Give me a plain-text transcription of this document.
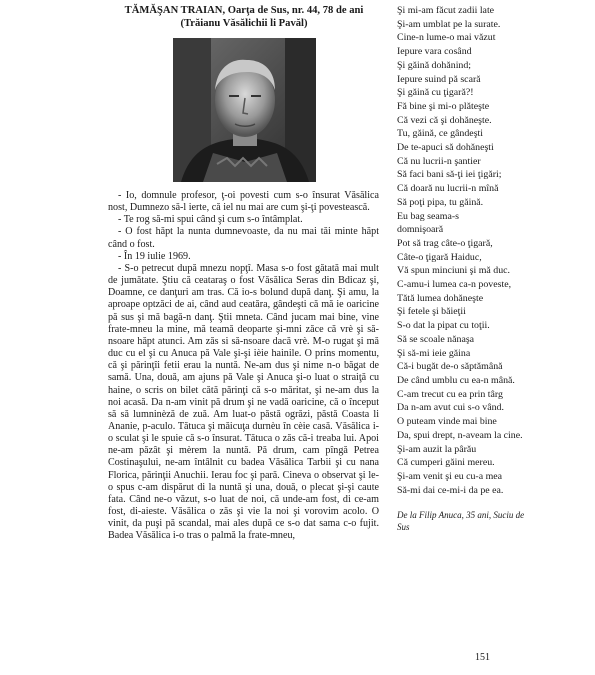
TĂMĂŞAN TRAIAN, Oarţa de Sus, nr. 44, 78 de ani
(Trăianu Văsălichii li Pavăl)

- Io, domnule profesor, ţ-oi povesti cum s-o însurat Văsălica nost, Dumnezo să-l ierte, că iel nu mai are cum şi-ţi povestească.

- Te rog să-mi spui când şi cum s-o întâmplat.

- O fost hăpt la nunta dumnevoaste, da nu mai tăi minte hăpt când o fost.

- În 19 iulie 1969.

- S-o petrecut după mnezu nopţî. Masa s-o fost gătată mai mult de jumătate. Ştiu că ceataraş o fost Văsălica Seras din Bdicaz şi, Doamne, ce danţuri am tras. Că io-s bolund după danţ. Şi amu, la aproape optzăci de ai, când aud ceatăra, gândeşti că mă ie oaricine pă sus şi mă bagă-n danţ. Ştii mneta. Când jucam mai bine, vine frate-mneu la mine, mă teamă deoparte şi-mni zăce că vrè şi să-nsoare hăpt atunci. Am zăs si să-nsoare dacă vrè. M-o rugat şi mă duc cu el şi cu Anuca pă Vale şi-şi ièie hainile. O prins momentu, că şi părinţîi fetii erau la nuntă. Ne-am dus şi nime n-o băgat de samă. Una, două, am ajuns pă Vale şi Anuca şi-o luat o straiţă cu haine, o scris on bilet cătă părinţi că s-o măritat, şi ne-am dus la noi acasă. Da n-am vinit pă drum şi ne vadă oaricine, că o început să să lumninèză de zuă. Am luat-o păstă ogrăzi, păstă Coasta li Ananie, p-aculo. Tătuca şi măicuţa durnèu în cèie casă. Văsălica i-o sculat şi le spuie că s-o însurat. Tătuca o zăs că-i treaba lui. Apoi ne-am păzât şi mèrem la nuntă. Pă drum, cam pîngă Petrea Costinaşului, ne-am întâlnit cu badea Văsălica Tarbii şi cu nana Florica, părinţii Anuchii. Ierau foc şi pară. Cineva o observat şi le-o spus c-am dispărut di la nuntă şi una, două, o plecat şi-şi caute fata. Când ne-o văzut, s-o luat de noi, că unde-am fost, di ce-am fost, di-aieste. Văsălica o zăs şi vie la noi şi vorovim acolo. O vinit, da puşi pă scandal, mai ales după ce s-o dat sama c-o fujit. Badea Văsălica i-o tras o palmă la frate-mneu,

Şi mi-am făcut zadii late
Şi-am umblat pe la surate.
Cine-n lume-o mai văzut
Iepure vara cosând
Şi găină dohănind;
Iepure suind pă scară
Şi găină cu ţigară?!
Fă bine şi mi-o plăteşte
Că vezi că şi dohăneşte.
Tu, găină, ce gândeşti
De te-apuci să dohăneşti
Că nu lucrii-n şantier
Să faci bani să-ţi iei ţigări;
Că doară nu lucrii-n mînă
Să poţi pipa, tu găină.
Eu bag seama-s
domnişoară
Pot să trag câte-o ţigară,
Câte-o ţigară Haiduc,
Vă spun minciuni şi mă duc.
C-amu-i lumea ca-n poveste,
Tătă lumea dohăneşte
Şi fetele şi băieţii
S-o dat la pipat cu toţii.
Să se scoale nănaşa
Şi să-mi ieie găina
Că-i bugăt de-o săptămână
De când umblu cu ea-n mână.
C-am trecut cu ea prin târg
Da n-am avut cui s-o vând.
O puteam vinde mai bine
Da, spui drept, n-aveam la cine.
Şi-am auzit la pârău
Că cumperi găini mereu.
Şi-am venit şi eu cu-a mea
Să-mi dai ce-mi-i da pe ea.
De la Filip Anuca, 35 ani, Suciu de Sus
151
